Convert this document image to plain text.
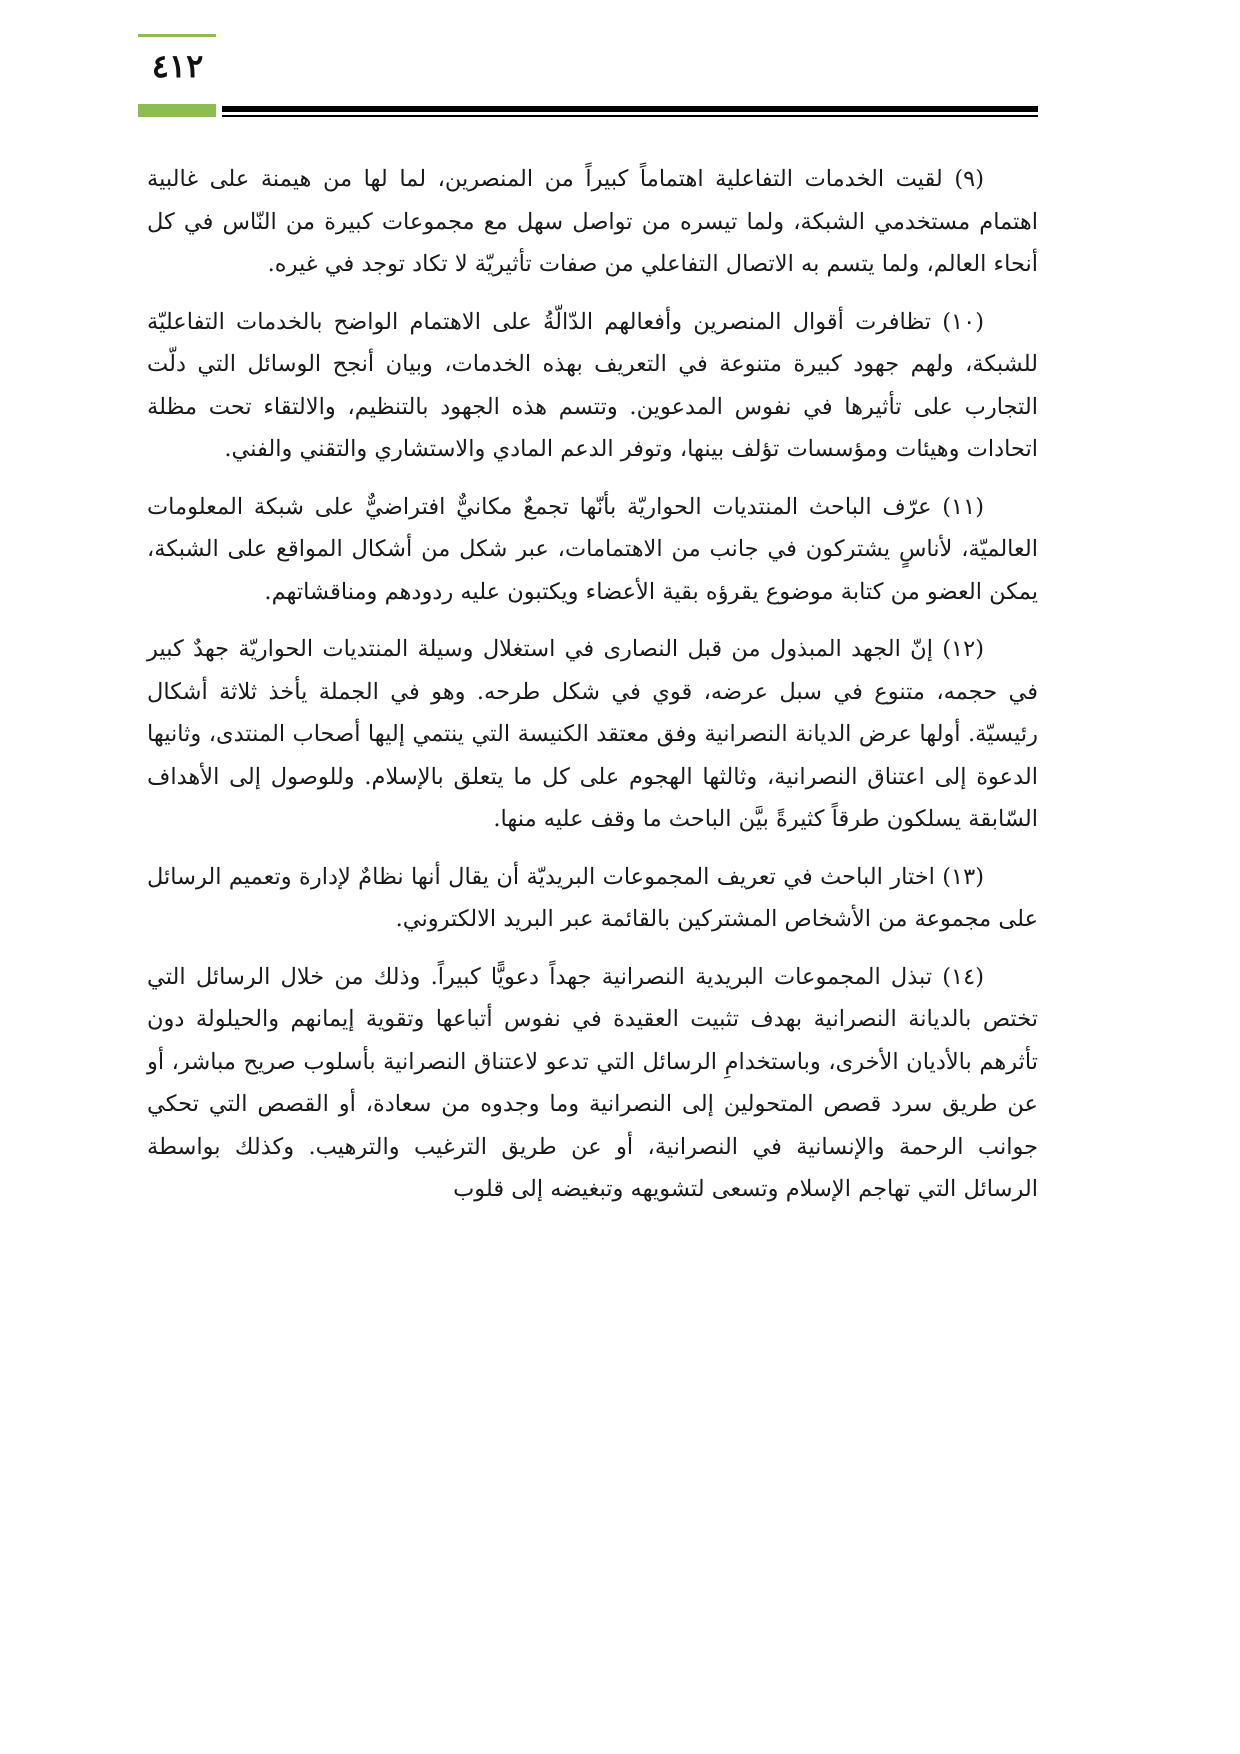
٤١٢

(٩) لقيت الخدمات التفاعلية اهتماماً كبيراً من المنصرين، لما لها من هيمنة على غالبية اهتمام مستخدمي الشبكة، ولما تيسره من تواصل سهل مع مجموعات كبيرة من النّاس في كل أنحاء العالم، ولما يتسم به الاتصال التفاعلي من صفات تأثيريّة لا تكاد توجد في غيره.

(١٠) تظافرت أقوال المنصرين وأفعالهم الدّالّةُ على الاهتمام الواضح بالخدمات التفاعليّة للشبكة، ولهم جهود كبيرة متنوعة في التعريف بهذه الخدمات، وبيان أنجح الوسائل التي دلّت التجارب على تأثيرها في نفوس المدعوين. وتتسم هذه الجهود بالتنظيم، والالتقاء تحت مظلة اتحادات وهيئات ومؤسسات تؤلف بينها، وتوفر الدعم المادي والاستشاري والتقني والفني.

(١١) عرّف الباحث المنتديات الحواريّة بأنّها تجمعٌ مكانيٌّ افتراضيٌّ على شبكة المعلومات العالميّة، لأناسٍ يشتركون في جانب من الاهتمامات، عبر شكل من أشكال المواقع على الشبكة، يمكن العضو من كتابة موضوع يقرؤه بقية الأعضاء ويكتبون عليه ردودهم ومناقشاتهم.

(١٢) إنّ الجهد المبذول من قبل النصارى في استغلال وسيلة المنتديات الحواريّة جهدٌ كبير في حجمه، متنوع في سبل عرضه، قوي في شكل طرحه. وهو في الجملة يأخذ ثلاثة أشكال رئيسيّة. أولها عرض الديانة النصرانية وفق معتقد الكنيسة التي ينتمي إليها أصحاب المنتدى، وثانيها الدعوة إلى اعتناق النصرانية، وثالثها الهجوم على كل ما يتعلق بالإسلام. وللوصول إلى الأهداف السّابقة يسلكون طرقاً كثيرةً بيَّن الباحث ما وقف عليه منها.

(١٣) اختار الباحث في تعريف المجموعات البريديّة أن يقال أنها نظامٌ لإدارة وتعميم الرسائل على مجموعة من الأشخاص المشتركين بالقائمة عبر البريد الالكتروني.

(١٤) تبذل المجموعات البريدية النصرانية جهداً دعويًّا كبيراً. وذلك من خلال الرسائل التي تختص بالديانة النصرانية بهدف تثبيت العقيدة في نفوس أتباعها وتقوية إيمانهم والحيلولة دون تأثرهم بالأديان الأخرى، وباستخدامِ الرسائل التي تدعو لاعتناق النصرانية بأسلوب صريح مباشر، أو عن طريق سرد قصص المتحولين إلى النصرانية وما وجدوه من سعادة، أو القصص التي تحكي جوانب الرحمة والإنسانية في النصرانية، أو عن طريق الترغيب والترهيب. وكذلك بواسطة الرسائل التي تهاجم الإسلام وتسعى لتشويهه وتبغيضه إلى قلوب
